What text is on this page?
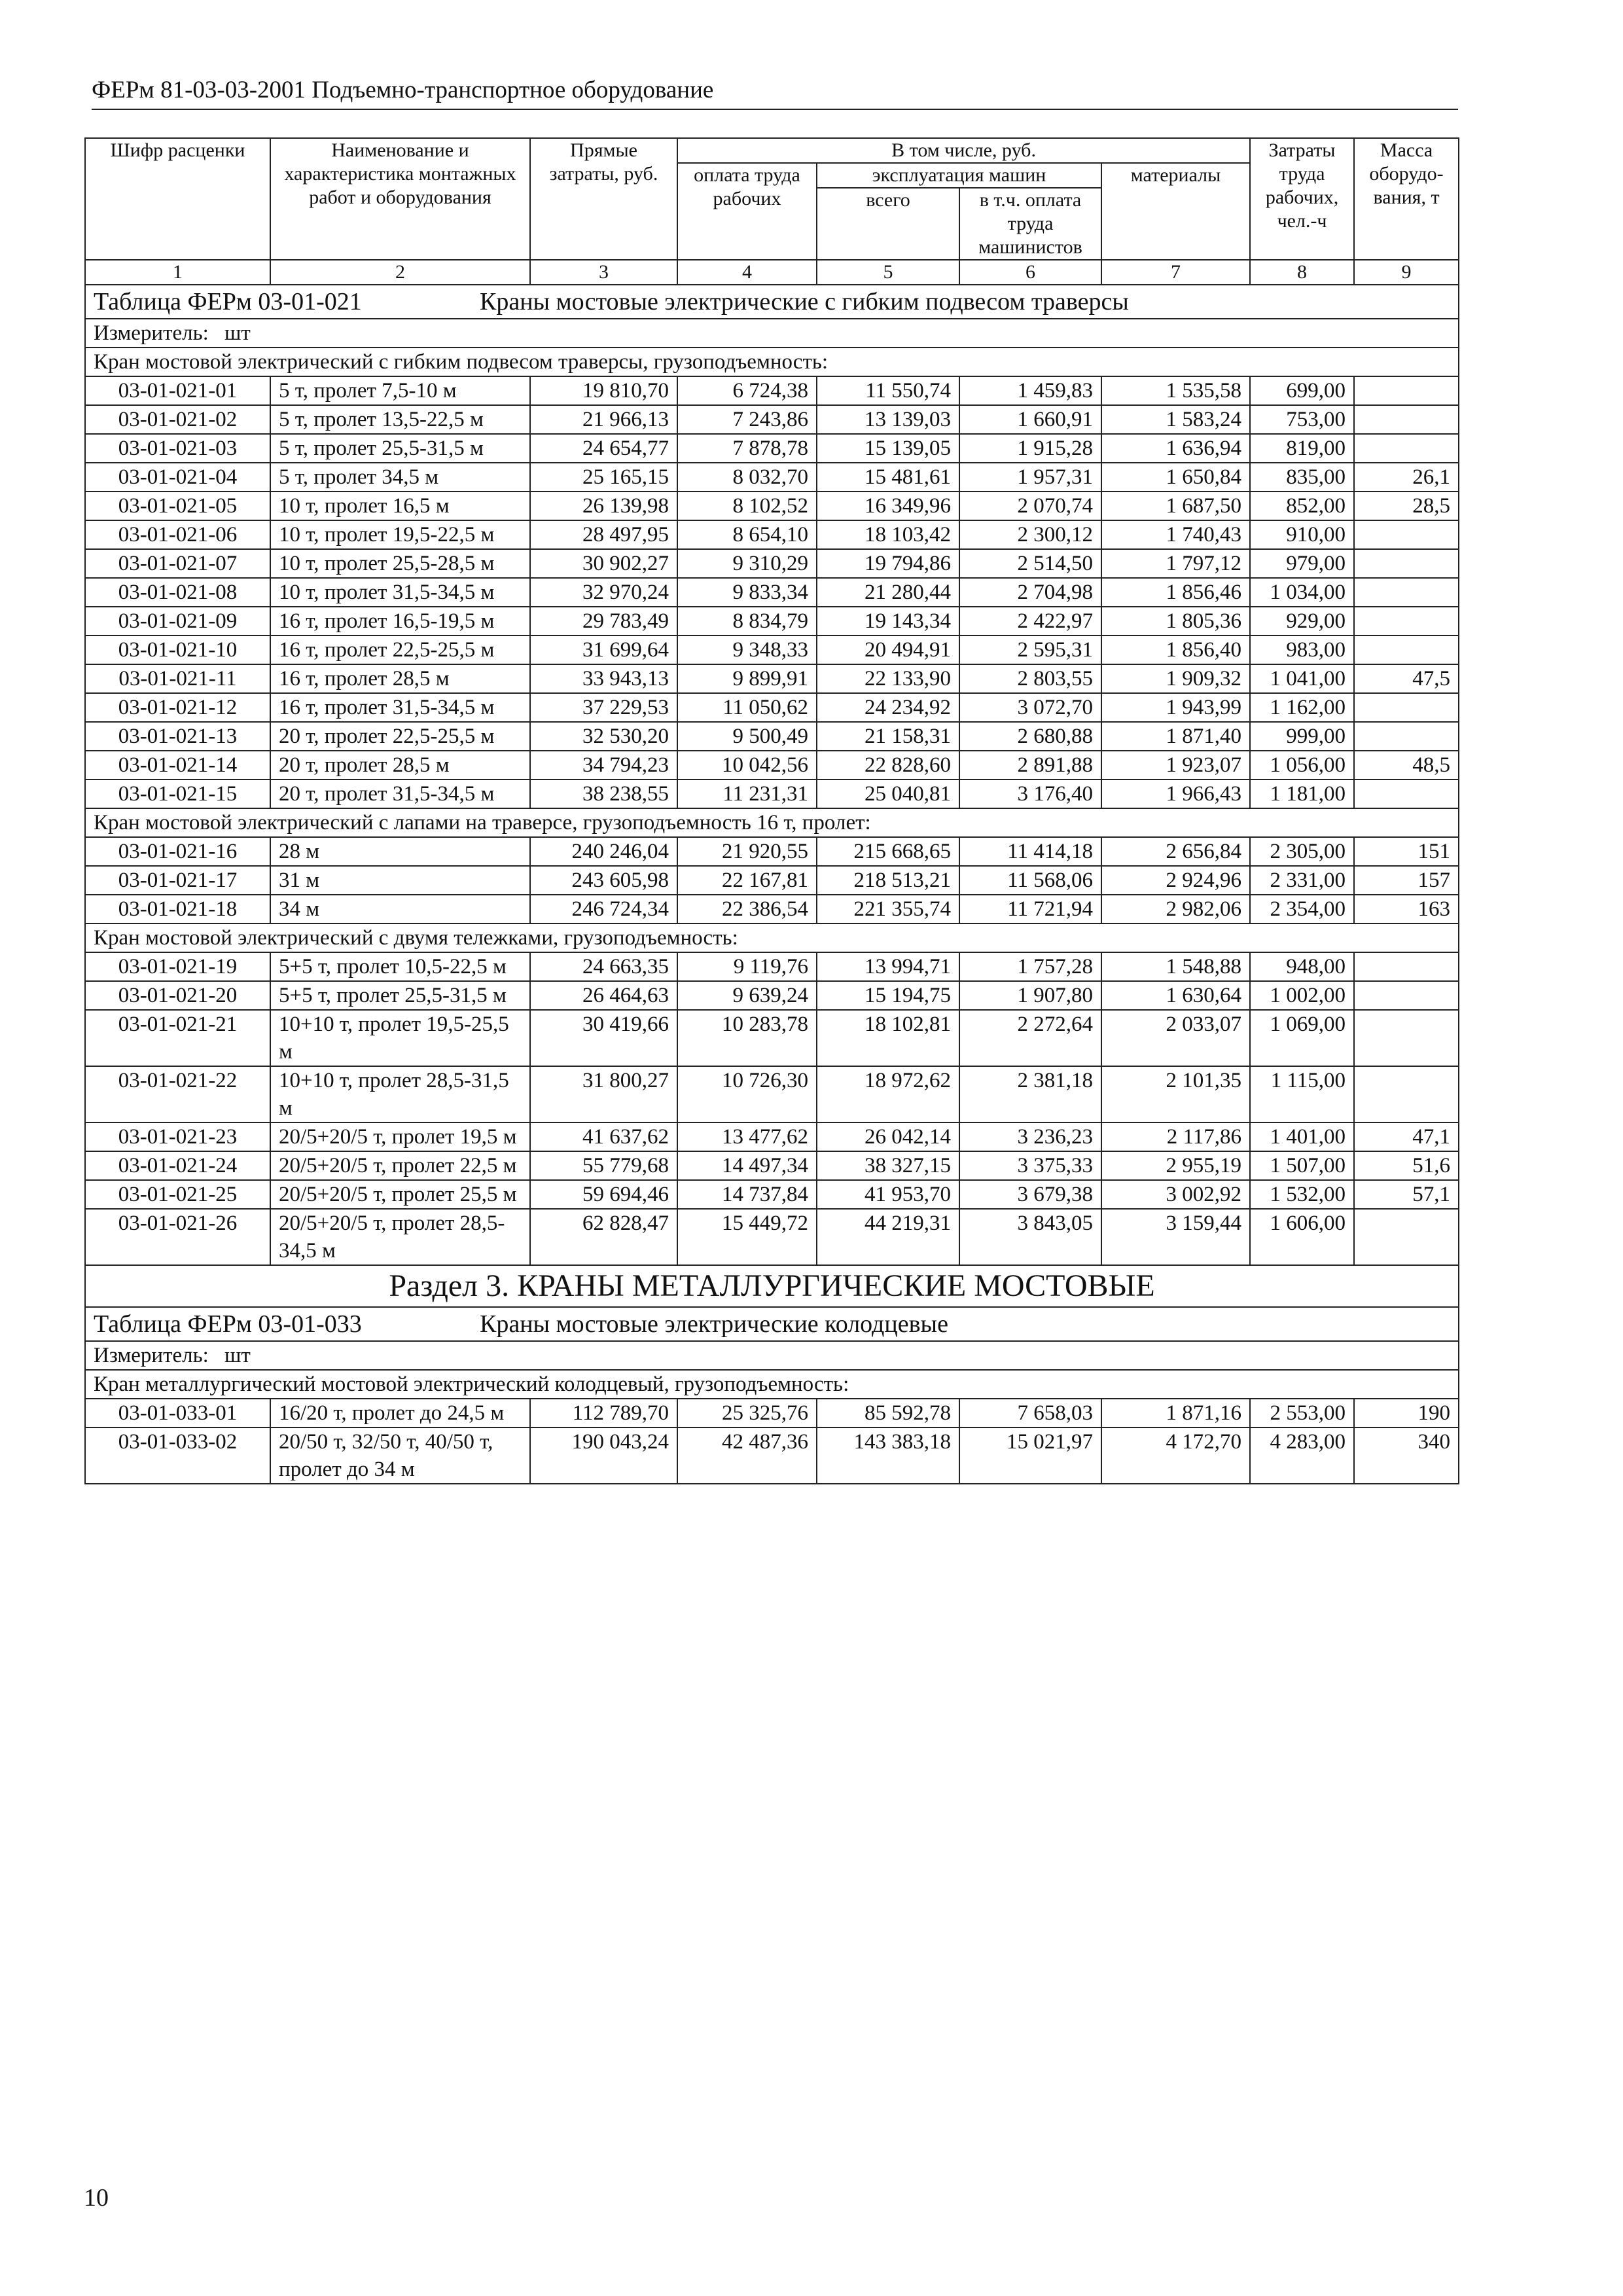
ФЕРм 81-03-03-2001 Подъемно-транспортное оборудование
Шифр расценки	Наименование и характеристика монтажных работ и оборудования	Прямые затраты, руб.	В том числе, руб.				Затраты труда рабочих, чел.-ч	Масса оборудо-вания, т
			оплата труда рабочих	эксплуатация машин		материалы		
				всего	в т.ч. оплата труда машинистов			
1	2	3	4	5	6	7	8	9
Таблица ФЕРм 03-01-021 Краны мостовые электрические с гибким подвесом траверсы								
Измеритель: шт								
Кран мостовой электрический с гибким подвесом траверсы, грузоподъемность:								
03-01-021-01	5 т, пролет 7,5-10 м	19 810,70	6 724,38	11 550,74	1 459,83	1 535,58	699,00	
03-01-021-02	5 т, пролет 13,5-22,5 м	21 966,13	7 243,86	13 139,03	1 660,91	1 583,24	753,00	
03-01-021-03	5 т, пролет 25,5-31,5 м	24 654,77	7 878,78	15 139,05	1 915,28	1 636,94	819,00	
03-01-021-04	5 т, пролет 34,5 м	25 165,15	8 032,70	15 481,61	1 957,31	1 650,84	835,00	26,1
03-01-021-05	10 т, пролет 16,5 м	26 139,98	8 102,52	16 349,96	2 070,74	1 687,50	852,00	28,5
03-01-021-06	10 т, пролет 19,5-22,5 м	28 497,95	8 654,10	18 103,42	2 300,12	1 740,43	910,00	
03-01-021-07	10 т, пролет 25,5-28,5 м	30 902,27	9 310,29	19 794,86	2 514,50	1 797,12	979,00	
03-01-021-08	10 т, пролет 31,5-34,5 м	32 970,24	9 833,34	21 280,44	2 704,98	1 856,46	1 034,00	
03-01-021-09	16 т, пролет 16,5-19,5 м	29 783,49	8 834,79	19 143,34	2 422,97	1 805,36	929,00	
03-01-021-10	16 т, пролет 22,5-25,5 м	31 699,64	9 348,33	20 494,91	2 595,31	1 856,40	983,00	
03-01-021-11	16 т, пролет 28,5 м	33 943,13	9 899,91	22 133,90	2 803,55	1 909,32	1 041,00	47,5
03-01-021-12	16 т, пролет 31,5-34,5 м	37 229,53	11 050,62	24 234,92	3 072,70	1 943,99	1 162,00	
03-01-021-13	20 т, пролет 22,5-25,5 м	32 530,20	9 500,49	21 158,31	2 680,88	1 871,40	999,00	
03-01-021-14	20 т, пролет 28,5 м	34 794,23	10 042,56	22 828,60	2 891,88	1 923,07	1 056,00	48,5
03-01-021-15	20 т, пролет 31,5-34,5 м	38 238,55	11 231,31	25 040,81	3 176,40	1 966,43	1 181,00	
Кран мостовой электрический с лапами на траверсе, грузоподъемность 16 т, пролет:								
03-01-021-16	28 м	240 246,04	21 920,55	215 668,65	11 414,18	2 656,84	2 305,00	151
03-01-021-17	31 м	243 605,98	22 167,81	218 513,21	11 568,06	2 924,96	2 331,00	157
03-01-021-18	34 м	246 724,34	22 386,54	221 355,74	11 721,94	2 982,06	2 354,00	163
Кран мостовой электрический с двумя тележками, грузоподъемность:								
03-01-021-19	5+5 т, пролет 10,5-22,5 м	24 663,35	9 119,76	13 994,71	1 757,28	1 548,88	948,00	
03-01-021-20	5+5 т, пролет 25,5-31,5 м	26 464,63	9 639,24	15 194,75	1 907,80	1 630,64	1 002,00	
03-01-021-21	10+10 т, пролет 19,5-25,5 м	30 419,66	10 283,78	18 102,81	2 272,64	2 033,07	1 069,00	
03-01-021-22	10+10 т, пролет 28,5-31,5 м	31 800,27	10 726,30	18 972,62	2 381,18	2 101,35	1 115,00	
03-01-021-23	20/5+20/5 т, пролет 19,5 м	41 637,62	13 477,62	26 042,14	3 236,23	2 117,86	1 401,00	47,1
03-01-021-24	20/5+20/5 т, пролет 22,5 м	55 779,68	14 497,34	38 327,15	3 375,33	2 955,19	1 507,00	51,6
03-01-021-25	20/5+20/5 т, пролет 25,5 м	59 694,46	14 737,84	41 953,70	3 679,38	3 002,92	1 532,00	57,1
03-01-021-26	20/5+20/5 т, пролет 28,5-34,5 м	62 828,47	15 449,72	44 219,31	3 843,05	3 159,44	1 606,00	
Раздел 3. КРАНЫ МЕТАЛЛУРГИЧЕСКИЕ МОСТОВЫЕ								
Таблица ФЕРм 03-01-033 Краны мостовые электрические колодцевые								
Измеритель: шт								
Кран металлургический мостовой электрический колодцевый, грузоподъемность:								
03-01-033-01	16/20 т, пролет до 24,5 м	112 789,70	25 325,76	85 592,78	7 658,03	1 871,16	2 553,00	190
03-01-033-02	20/50 т, 32/50 т, 40/50 т, пролет до 34 м	190 043,24	42 487,36	143 383,18	15 021,97	4 172,70	4 283,00	340
10
